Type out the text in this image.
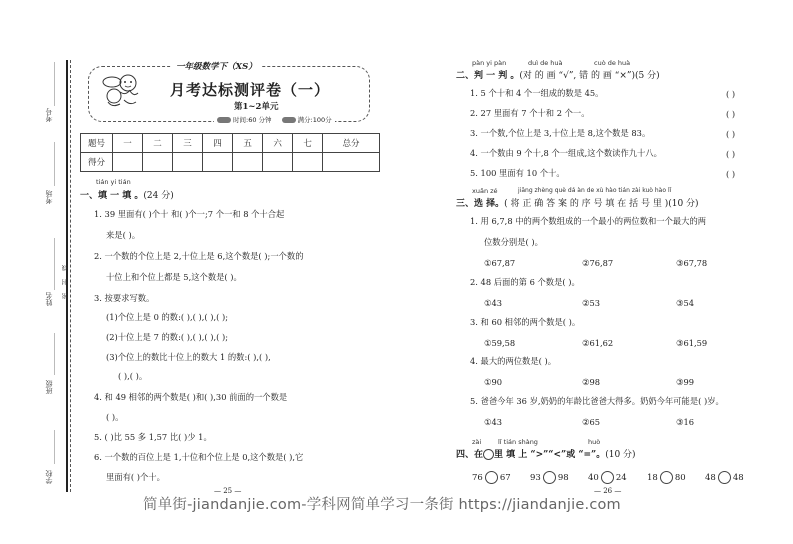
考号
考场
姓名
密 封 线
班级
学校
一年级数学下（XS）
月考达标测评卷（一）
第1~2单元
时间:60 分钟	满分:100分
题号	一	二	三	四	五	六	七	总分
得分								
tián yi tián
一、填 一 填 。(24 分)
1. 39 里面有( )个十 和( )个一;7 个一和 8 个十合起
来是( )。
2. 一个数的个位上是 2,十位上是 6,这个数是( );一个数的
十位上和个位上都是 5,这个数是( )。
3. 按要求写数。
(1)个位上是 0 的数:( ),( ),( ),( );
(2)十位上是 7 的数:( ),( ),( ),( );
(3)个位上的数比十位上的数大 1 的数:( ),( ),
( ),( )。
4. 和 49 相邻的两个数是( )和( ),30 前面的一个数是
( )。
5. ( )比 55 多 1,57 比( )少 1。
6. 一个数的百位上是 1,十位和个位上是 0,这个数是( ),它
里面有( )个十。
pàn yi pàn	duì de huà	cuò de huà
二、判 一 判 。(对 的 画 “√”, 错 的 画 “×”)(5 分)
1. 5 个十和 4 个一组成的数是 45。
2. 27 里面有 7 个十和 2 个一。
3. 一个数,个位上是 3,十位上是 8,这个数是 83。
4. 一个数由 9 个十,8 个一组成,这个数读作九十八。
5. 100 里面有 10 个十。
( )
( )
( )
( )
( )
xuǎn zé	jiāng zhèng què dá àn de xù hào tián zài kuò hào lǐ
三、选 择。( 将 正 确 答 案 的 序 号 填 在 括 号 里 )(10 分)
1. 用 6,7,8 中的两个数组成的一个最小的两位数和一个最大的两
位数分别是( )。
①67,87	②76,87	③67,78
2. 48 后面的第 6 个数是( )。
①43	②53	③54
3. 和 60 相邻的两个数是( )。
①59,58	②61,62	③61,59
4. 最大的两位数是( )。
①90	②98	③99
5. 爸爸今年 36 岁,奶奶的年龄比爸爸大得多。奶奶今年可能是( )岁。
①43	②65	③16
zài	lǐ tián shàng	huò
四、在 里 填 上 “>”“<”或 “=”。(10 分)
76 67 93 98 40 24 18 80 48 48
— 25 —	— 26 —
简单街-jiandanjie.com-学科网简单学习一条街 https://jiandanjie.com
